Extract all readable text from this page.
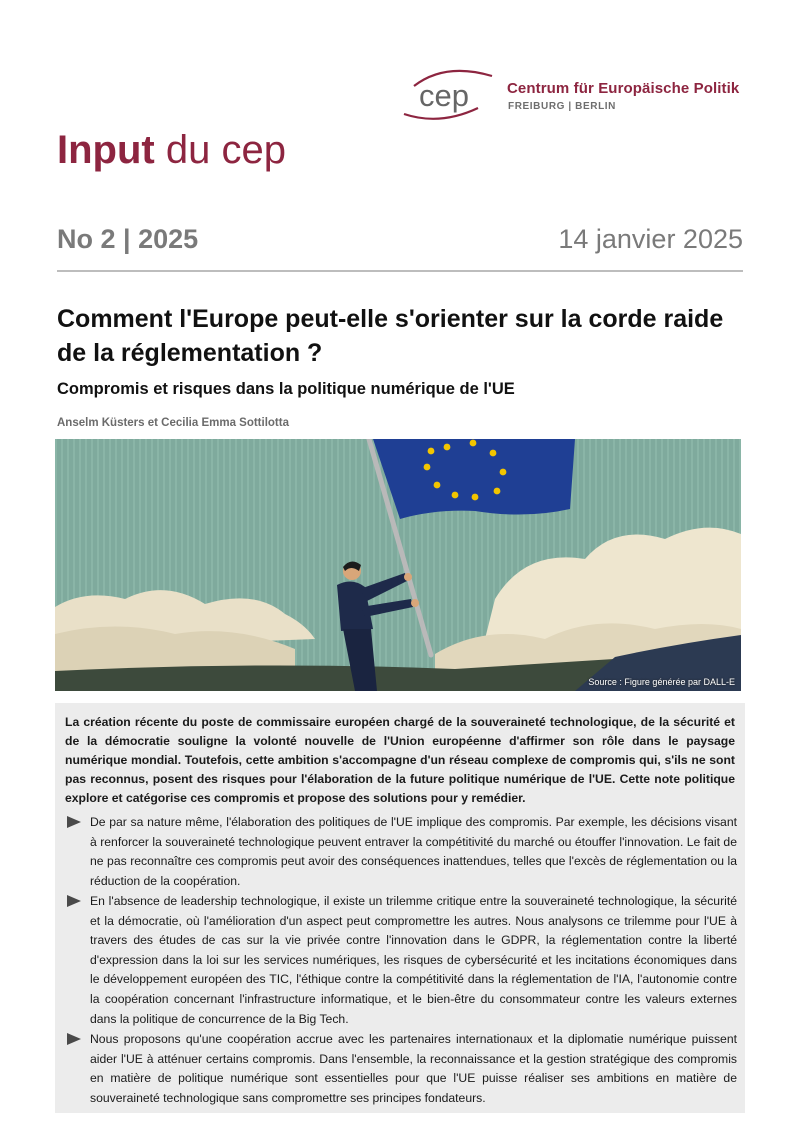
cep	Centrum für Europäische Politik
FREIBURG | BERLIN
Input du cep
No 2 | 2025	14 janvier 2025
Comment l'Europe peut-elle s'orienter sur la corde raide de la réglementation ?
Compromis et risques dans la politique numérique de l'UE
Anselm Küsters et Cecilia Emma Sottilotta
Source : Figure générée par DALL-E

La création récente du poste de commissaire européen chargé de la souveraineté technologique, de la sécurité et de la démocratie souligne la volonté nouvelle de l'Union européenne d'affirmer son rôle dans le paysage numérique mondial. Toutefois, cette ambition s'accompagne d'un réseau complexe de compromis qui, s'ils ne sont pas reconnus, posent des risques pour l'élaboration de la future politique numérique de l'UE. Cette note politique explore et catégorise ces compromis et propose des solutions pour y remédier.

De par sa nature même, l'élaboration des politiques de l'UE implique des compromis. Par exemple, les décisions visant à renforcer la souveraineté technologique peuvent entraver la compétitivité du marché ou étouffer l'innovation. Le fait de ne pas reconnaître ces compromis peut avoir des conséquences inattendues, telles que l'excès de réglementation ou la réduction de la coopération.

En l'absence de leadership technologique, il existe un trilemme critique entre la souveraineté technologique, la sécurité et la démocratie, où l'amélioration d'un aspect peut compromettre les autres. Nous analysons ce trilemme pour l'UE à travers des études de cas sur la vie privée contre l'innovation dans le GDPR, la réglementation contre la liberté d'expression dans la loi sur les services numériques, les risques de cybersécurité et les incitations économiques dans le développement européen des TIC, l'éthique contre la compétitivité dans la réglementation de l'IA, l'autonomie contre la coopération concernant l'infrastructure informatique, et le bien-être du consommateur contre les valeurs externes dans la politique de concurrence de la Big Tech.

Nous proposons qu'une coopération accrue avec les partenaires internationaux et la diplomatie numérique puissent aider l'UE à atténuer certains compromis. Dans l'ensemble, la reconnaissance et la gestion stratégique des compromis en matière de politique numérique sont essentielles pour que l'UE puisse réaliser ses ambitions en matière de souveraineté technologique sans compromettre ses principes fondateurs.
